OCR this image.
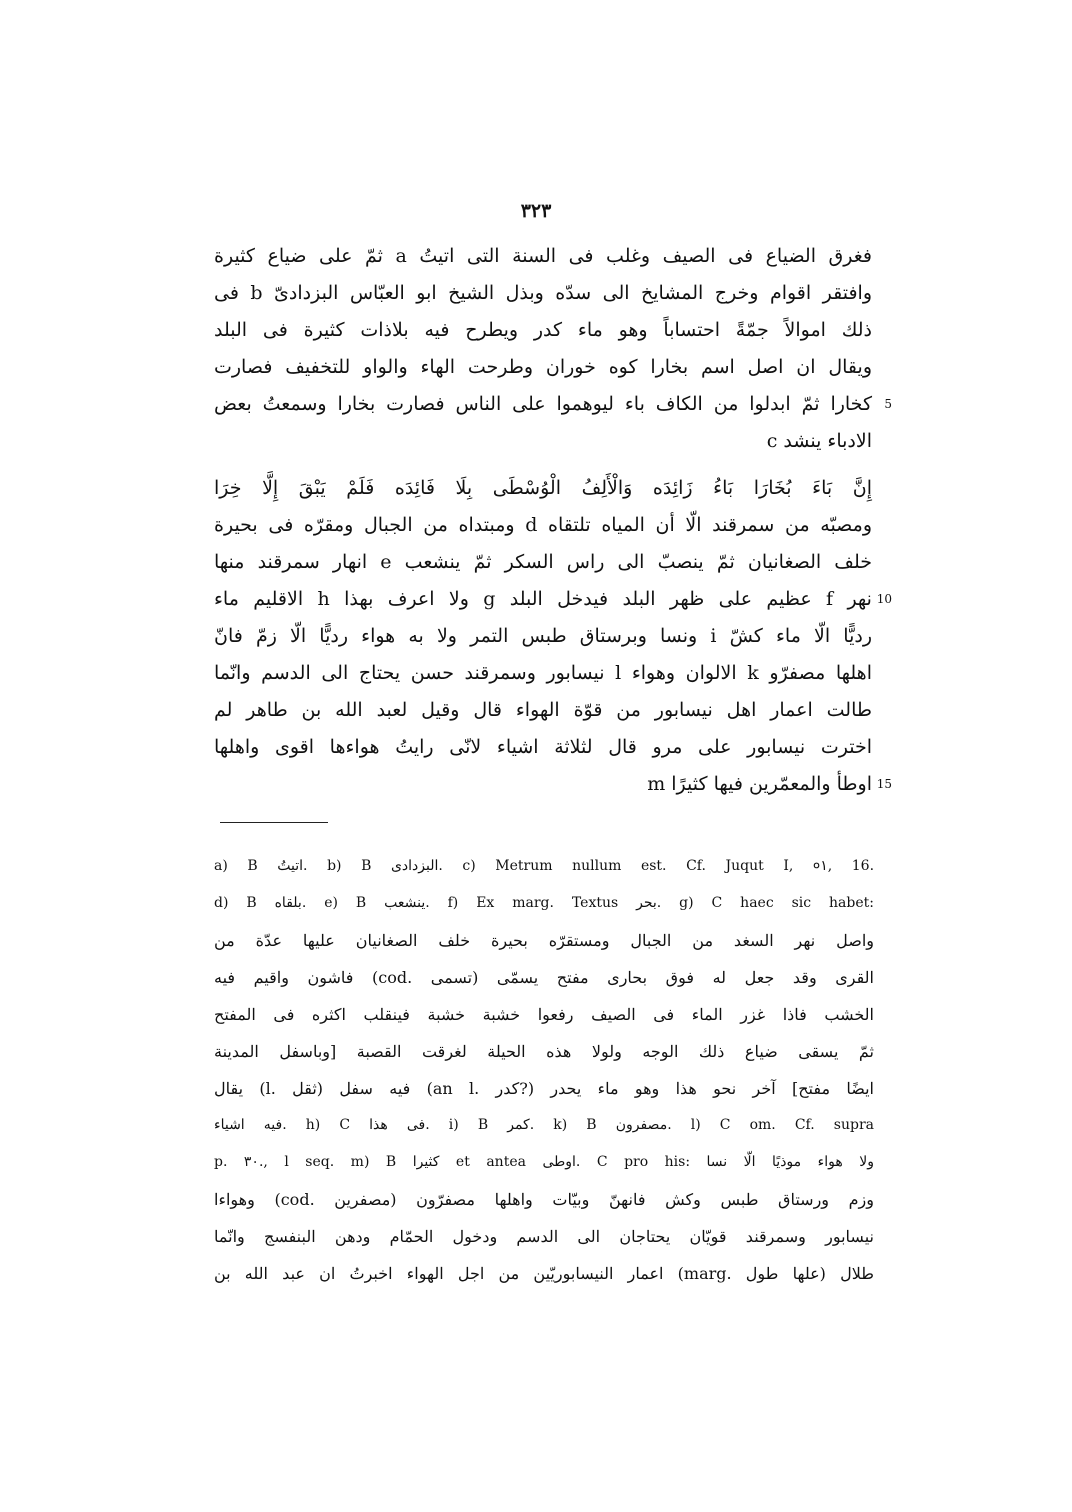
٣٢٣
فغرق الضياع فى الصيف وغلب فى السنة التى اتيتُ a ثمّ على ضياع كثيرة
وافتقر اقوام وخرج المشايخ الى سدّه وبذل الشيخ ابو العبّاس البزدادىّ b فى
ذلك اموالاً جمّةً احتساباً وهو ماء كدر ويطرح فيه بلاذات كثيرة فى البلد
ويقال ان اصل اسم بخارا كوه خوران وطرحت الهاء والواو للتخفيف فصارت
كخارا ثمّ ابدلوا من الكاف باء ليوهموا على الناس فصارت بخارا وسمعتُ بعض 5
الادباء ينشد c
إِنَّ بَاءَ بُخَارَا بَاءُ زَائِدَه وَالْأَلِفُ الْوُسْطَى بِلَا فَائِدَه فَلَمْ يَبْقَ إِلَّا خِرَا
ومصبّه من سمرقند الّا أن المياه تلتقاه d ومبتداه من الجبال ومقرّه فى بحيرة
خلف الصغانيان ثمّ ينصبّ الى راس السكر ثمّ ينشعب e انهار سمرقند منها
نهر f عظيم على ظهر البلد فيدخل البلد g ولا اعرف بهذا h الاقليم ماء 10
رديًّا الّا ماء كشّ i ونسا وبرستاق طبس التمر ولا به هواء رديًّا الّا زمّ فانّ
اهلها مصفرّو k الالوان وهواء l نيسابور وسمرقند حسن يحتاج الى الدسم وانّما
طالت اعمار اهل نيسابور من قوّة الهواء قال وقيل لعبد الله بن طاهر لم
اخترت نيسابور على مرو قال لثلاثة اشياء لانّى رايتُ هواءها اقوى واهلها
اوطأ والمعمّرين فيها كثيرًا m 15
a) B اتيتُ. b) B البزدادى. c) Metrum nullum est. Cf. Juqut I, ०١, 16.
d) B بلقاه. e) B ينشعب. f) Ex marg. Textus بحر. g) C haec sic habet:
واصل نهر السغد من الجبال ومستقرّه بحيرة خلف الصغانيان عليها عدّة من
القرى وقد جعل له فوق بحارى مفتح يسمّى (تسمى .cod) فاشون واقيم فيه
الخشب فاذا غزر الماء فى الصيف رفعوا خشبة خشبة فينقلب اكثره فى المفتح
ثمّ يسقى ضياع ذلك الوجه ولولا هذه الحيلة لغرقت القصبة [وباسفل المدينة
ايضًا مفتح] آخر نحو هذا وهو ماء يحدر (?كدر .an l) فيه سفل (ثقل .l) يقال
فيه اشياء. h) C فى هذا. i) B كمر. k) B مصفرون. l) C om. Cf. supra
p. ٣٠., l seq. m) B كثيرا et antea اوطى. C pro his: ولا هواء موذيًا الّا نسا
وزم ورستاق طبس وكش فانهنّ وبيّات واهلها مصفرّون (مصفرين .cod) وهواءا
نيسابور وسمرقند قويّان يحتاجان الى الدسم ودخول الحمّام ودهن البنفسج وانّما
طلال (علها طول .marg) اعمار النيسابوريّين من اجل الهواء اخبرتُ ان عبد الله بن
